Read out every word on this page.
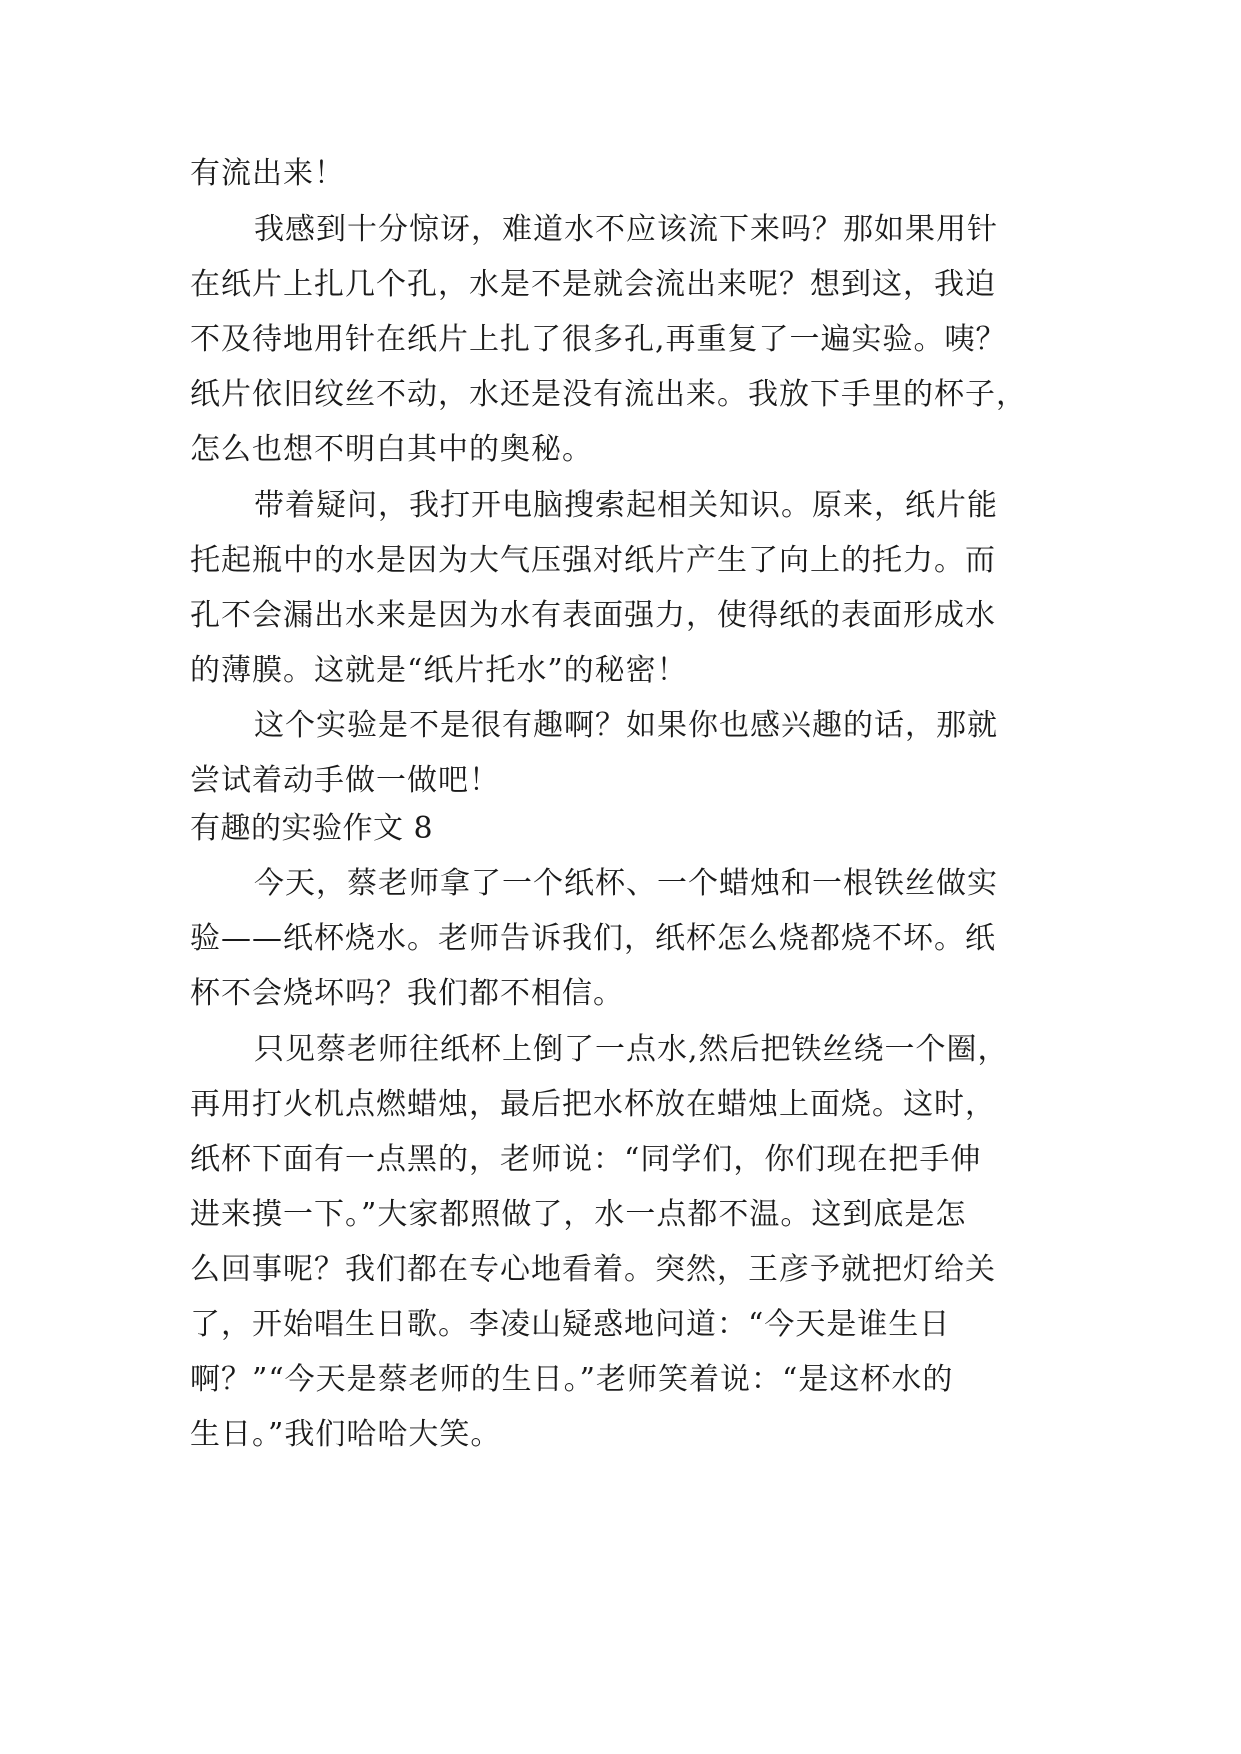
有流出来！
我感到十分惊讶，难道水不应该流下来吗？那如果用针
在纸片上扎几个孔，水是不是就会流出来呢？想到这，我迫
不及待地用针在纸片上扎了很多孔,再重复了一遍实验。咦？
纸片依旧纹丝不动，水还是没有流出来。我放下手里的杯子，
怎么也想不明白其中的奥秘。
带着疑问，我打开电脑搜索起相关知识。原来，纸片能
托起瓶中的水是因为大气压强对纸片产生了向上的托力。而
孔不会漏出水来是因为水有表面强力，使得纸的表面形成水
的薄膜。这就是“纸片托水”的秘密！
这个实验是不是很有趣啊？如果你也感兴趣的话，那就
尝试着动手做一做吧！
有趣的实验作文 8
今天，蔡老师拿了一个纸杯、一个蜡烛和一根铁丝做实
验——纸杯烧水。老师告诉我们，纸杯怎么烧都烧不坏。纸
杯不会烧坏吗？我们都不相信。
只见蔡老师往纸杯上倒了一点水,然后把铁丝绕一个圈，
再用打火机点燃蜡烛，最后把水杯放在蜡烛上面烧。这时，
纸杯下面有一点黑的，老师说：“同学们，你们现在把手伸
进来摸一下。”大家都照做了，水一点都不温。这到底是怎
么回事呢？我们都在专心地看着。突然，王彦予就把灯给关
了，开始唱生日歌。李凌山疑惑地问道：“今天是谁生日
啊？”“今天是蔡老师的生日。”老师笑着说：“是这杯水的
生日。”我们哈哈大笑。
